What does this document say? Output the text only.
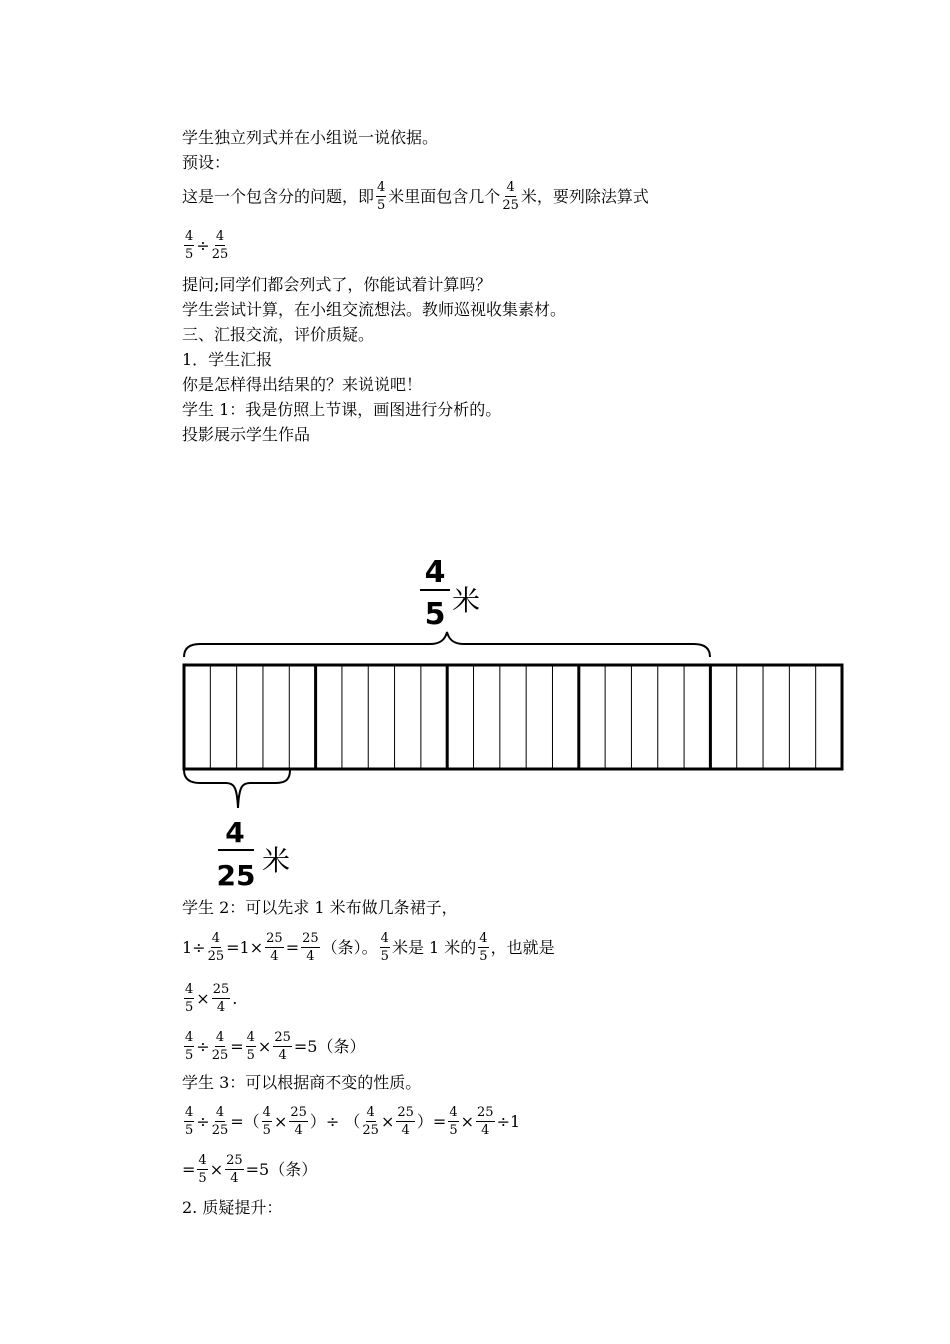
学生独立列式并在小组说一说依据。
预设：
这是一个包含分的问题，即 $\frac{4}{5}$ 米里面包含几个 $\frac{4}{25}$ 米，要列除法算式
$\frac{4}{5} \div \frac{4}{25}$
提问;同学们都会列式了，你能试着计算吗？
学生尝试计算，在小组交流想法。教师巡视收集素材。
三、汇报交流，评价质疑。
1．学生汇报
你是怎样得出结果的？来说说吧！
学生 1：我是仿照上节课，画图进行分析的。
投影展示学生作品
4
5 米
4
25 米
学生 2：可以先求 1 米布做几条裙子，
$1\div \frac{4}{25} =1\times \frac{25}{4} = \frac{25}{4}$ （条）。 $\frac{4}{5}$ 米是 1 米的 $\frac{4}{5}$ ，也就是
$\frac{4}{5} \times \frac{25}{4}$ .
$\frac{4}{5} \div \frac{4}{25} = \frac{4}{5} \times \frac{25}{4} =5$（条）
学生 3：可以根据商不变的性质。
$\frac{4}{5} \div \frac{4}{25}$ =（ $\frac{4}{5} \times \frac{25}{4}$ ） ÷ （ $\frac{4}{25} \times \frac{25}{4}$ ）= $\frac{4}{5} \times \frac{25}{4} \div 1$
= $\frac{4}{5} \times \frac{25}{4} =5$（条）
2. 质疑提升：
